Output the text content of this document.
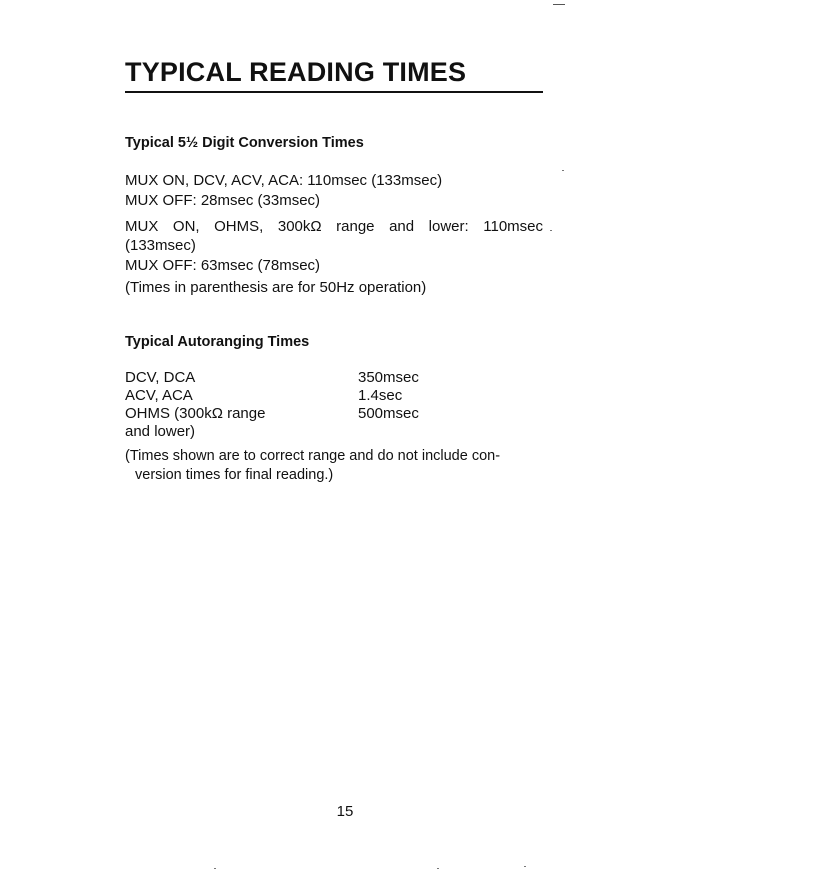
TYPICAL READING TIMES
Typical 5½ Digit Conversion Times

MUX ON, DCV, ACV, ACA: 110msec (133msec)

MUX OFF: 28msec (33msec)

MUX ON, OHMS, 300kΩ range and lower: 110msec

(133msec)

MUX OFF: 63msec (78msec)

(Times in parenthesis are for 50Hz operation)

Typical Autoranging Times
DCV, DCA	350msec
ACV, ACA	1.4sec
OHMS (300kΩ range	500msec
and lower)

(Times shown are to correct range and do not include con-

version times for final reading.)

15
